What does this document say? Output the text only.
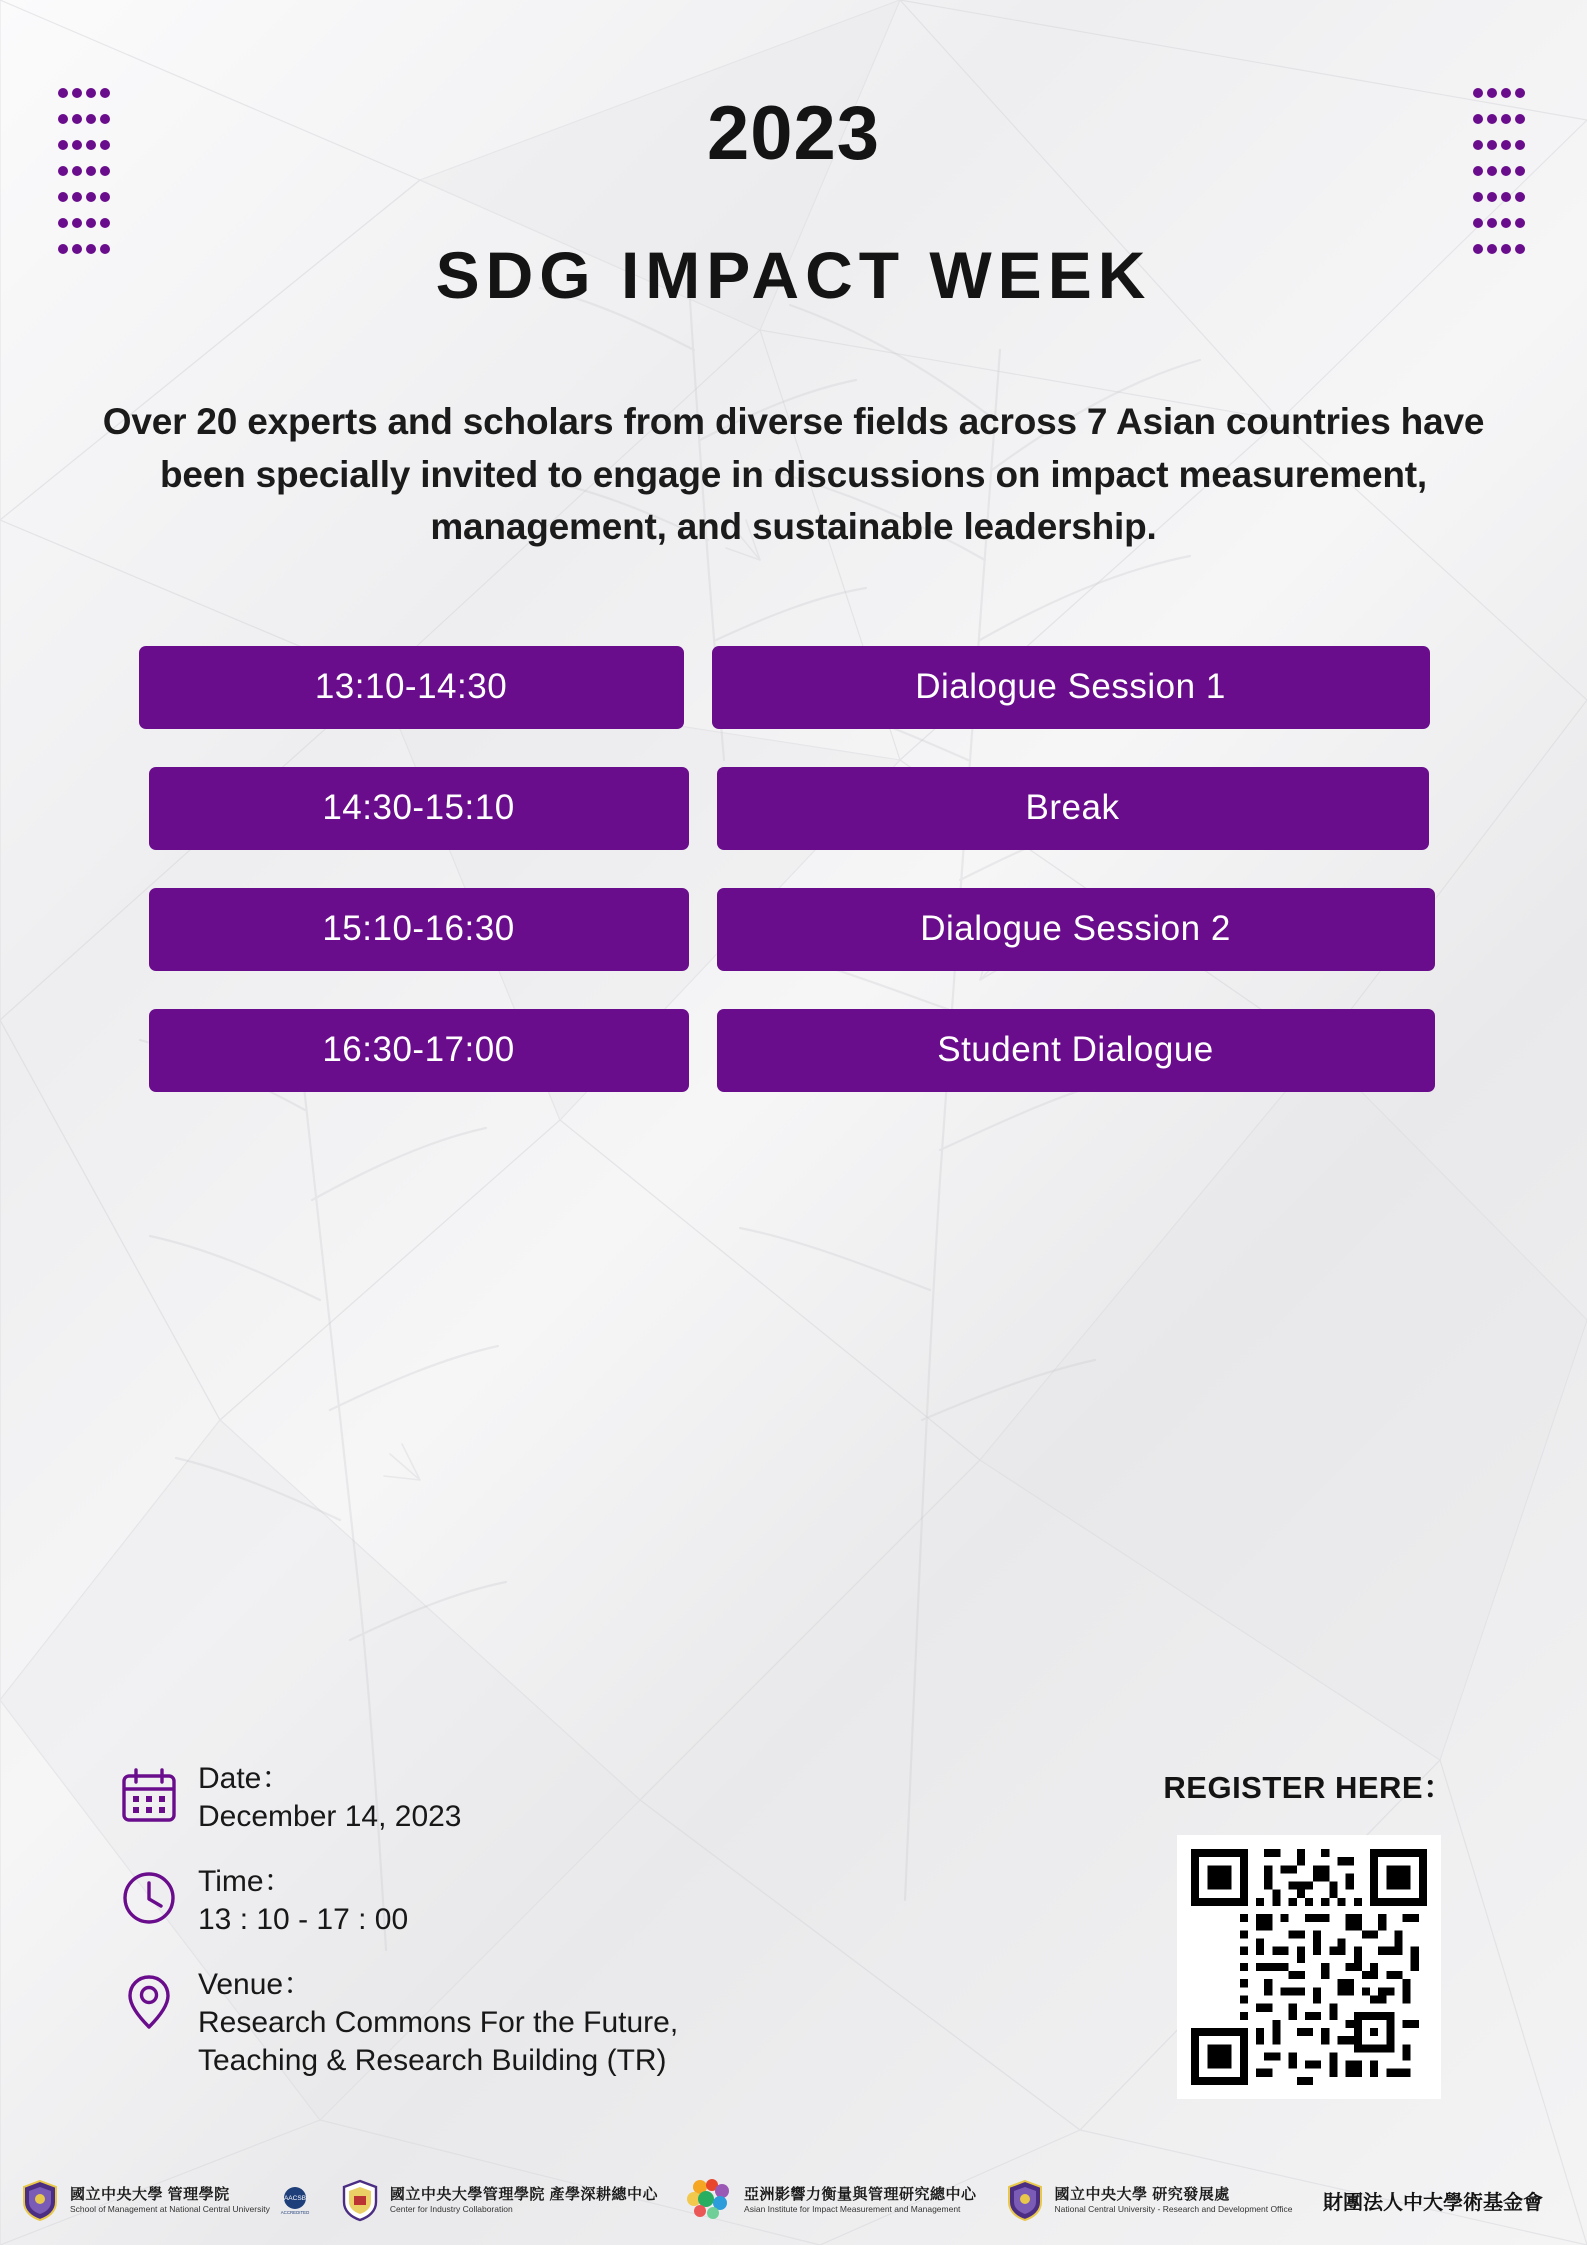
2023
SDG IMPACT WEEK
Over 20 experts and scholars from diverse fields across 7 Asian countries have been specially invited to engage in discussions on impact measurement, management, and sustainable leadership.
13:10-14:30	Dialogue Session 1
14:30-15:10	Break
15:10-16:30	Dialogue Session 2
16:30-17:00	Student Dialogue
Date：
December 14, 2023
Time：
13 : 10 - 17 : 00
Venue：
Research Commons For the Future,
Teaching & Research Building (TR)
REGISTER HERE：
國立中央大學 管理學院
School of Management at National Central University
AACSB
ACCREDITED
國立中央大學管理學院 產學深耕總中心
Center for Industry Collaboration
亞洲影響力衡量與管理研究總中心
Asian Institute for Impact Measurement and Management
國立中央大學 研究發展處
National Central University - Research and Development Office 財團法人中大學術基金會
